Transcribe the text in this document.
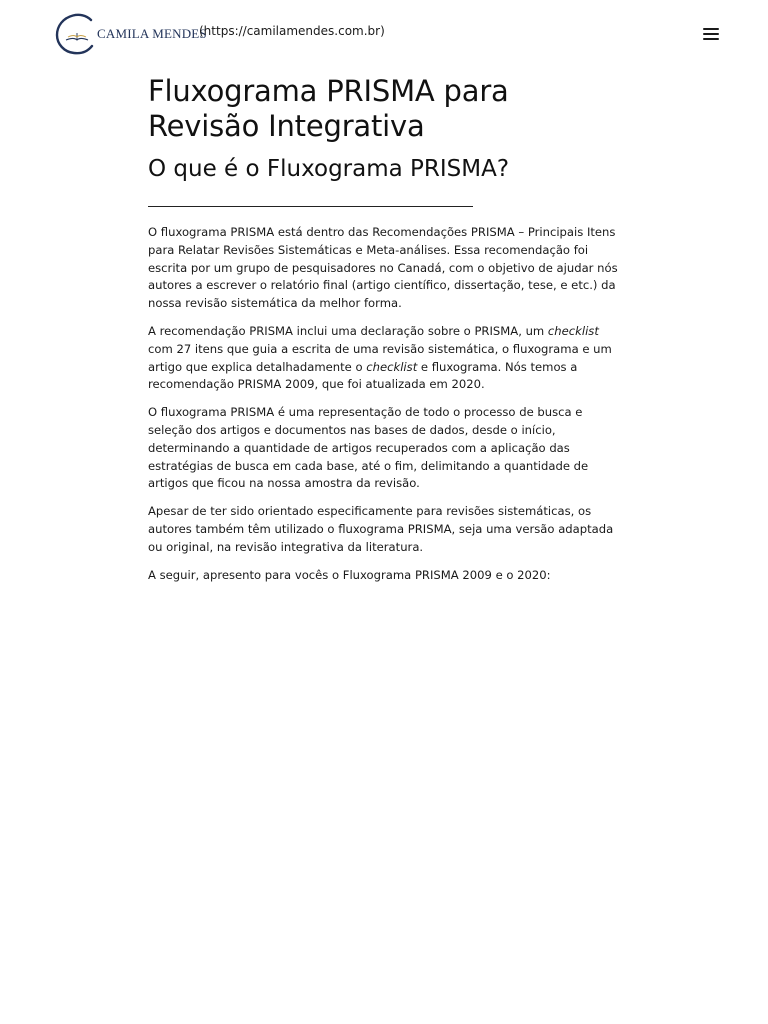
CAMILA MENDES
(https://camilamendes.com.br)
Fluxograma PRISMA para Revisão Integrativa
O que é o Fluxograma PRISMA?

O fluxograma PRISMA está dentro das Recomendações PRISMA – Principais Itens para Relatar Revisões Sistemáticas e Meta-análises. Essa recomendação foi escrita por um grupo de pesquisadores no Canadá, com o objetivo de ajudar nós autores a escrever o relatório final (artigo científico, dissertação, tese, e etc.) da nossa revisão sistemática da melhor forma.

A recomendação PRISMA inclui uma declaração sobre o PRISMA, um checklist com 27 itens que guia a escrita de uma revisão sistemática, o fluxograma e um artigo que explica detalhadamente o checklist e fluxograma. Nós temos a recomendação PRISMA 2009, que foi atualizada em 2020.

O fluxograma PRISMA é uma representação de todo o processo de busca e seleção dos artigos e documentos nas bases de dados, desde o início, determinando a quantidade de artigos recuperados com a aplicação das estratégias de busca em cada base, até o fim, delimitando a quantidade de artigos que ficou na nossa amostra da revisão.

Apesar de ter sido orientado especificamente para revisões sistemáticas, os autores também têm utilizado o fluxograma PRISMA, seja uma versão adaptada ou original, na revisão integrativa da literatura.

A seguir, apresento para vocês o Fluxograma PRISMA 2009 e o 2020:
